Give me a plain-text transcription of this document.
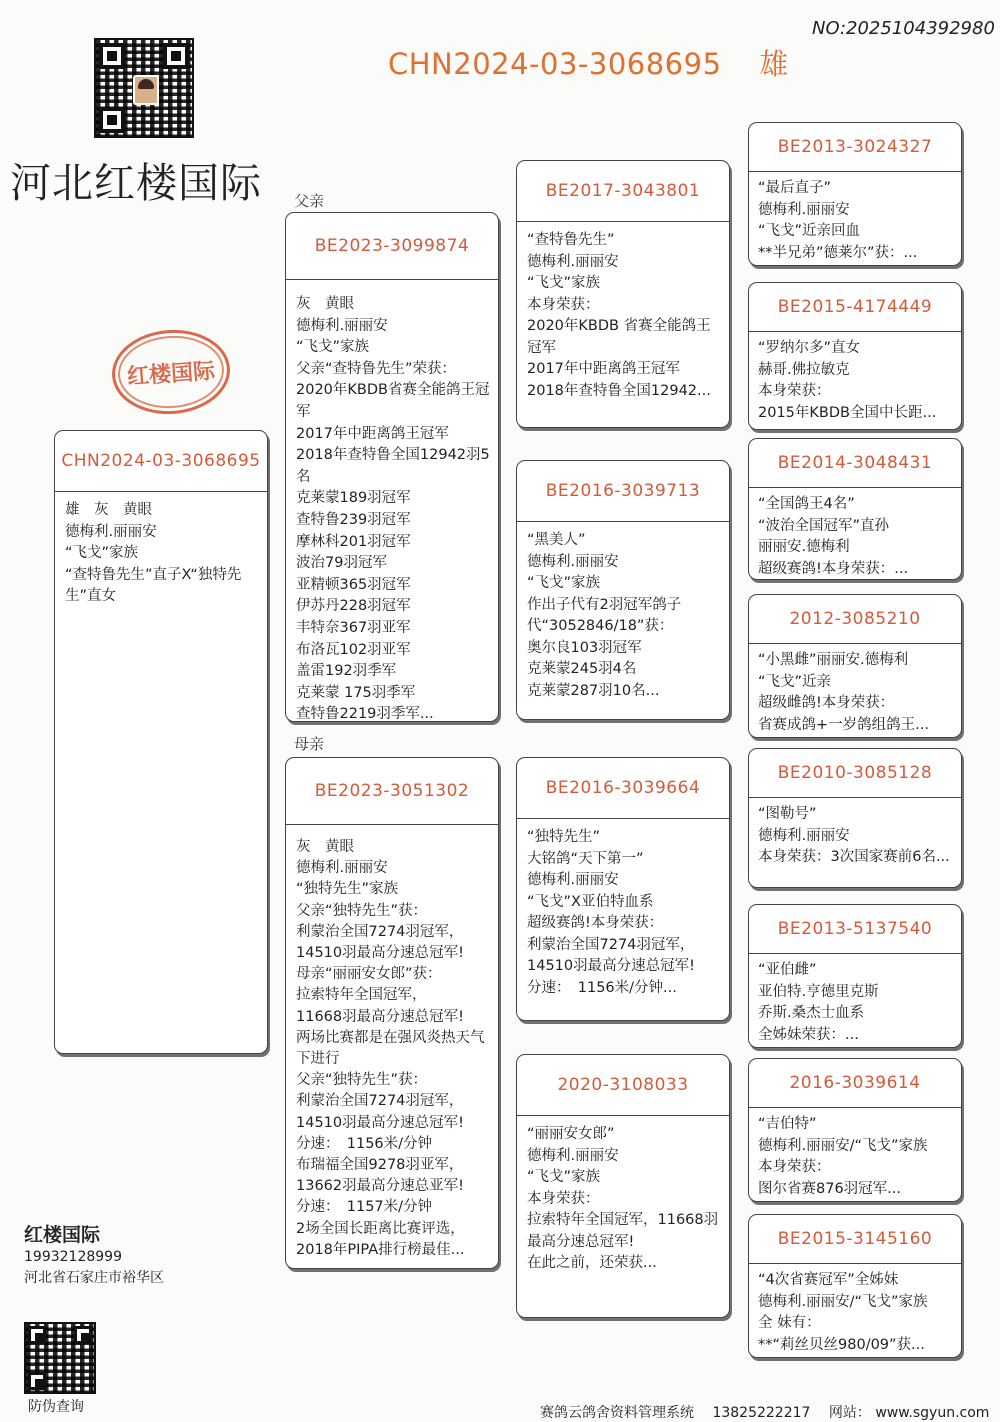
NO:2025104392980
CHN2024-03-3068695 雄
河北红楼国际
红楼国际
父亲
母亲
CHN2024-03-3068695
雄　灰　黄眼
德梅利.丽丽安
“飞戈”家族
“查特鲁先生”直子X“独特先生”直女
BE2023-3099874
灰　黄眼
德梅利.丽丽安
“飞戈”家族
父亲“查特鲁先生”荣获：
2020年KBDB省赛全能鸽王冠军
2017年中距离鸽王冠军
2018年查特鲁全国12942羽5名
克莱蒙189羽冠军
查特鲁239羽冠军
摩林科201羽冠军
波治79羽冠军
亚精顿365羽冠军
伊苏丹228羽冠军
丰特奈367羽亚军
布洛瓦102羽亚军
盖雷192羽季军
克莱蒙 175羽季军
查特鲁2219羽季军...
BE2023-3051302
灰　黄眼
德梅利.丽丽安
“独特先生”家族
父亲“独特先生”获：
利蒙治全国7274羽冠军，
14510羽最高分速总冠军!
母亲“丽丽安女郎”获：
拉索特年全国冠军，
11668羽最高分速总冠军!
两场比赛都是在强风炎热天气下进行
父亲“独特先生”获：
利蒙治全国7274羽冠军，
14510羽最高分速总冠军!
分速：　1156米/分钟
布瑞福全国9278羽亚军，
13662羽最高分速总亚军!
分速：　1157米/分钟
2场全国长距离比赛评选，
2018年PIPA排行榜最佳...
BE2017-3043801
“查特鲁先生”
德梅利.丽丽安
“飞戈”家族
本身荣获：
2020年KBDB 省赛全能鸽王冠军
2017年中距离鸽王冠军
2018年查特鲁全国12942...
BE2016-3039713
“黑美人”
德梅利.丽丽安
“飞戈”家族
作出子代有2羽冠军鸽子代“3052846/18”获：
奥尔良103羽冠军
克莱蒙245羽4名
克莱蒙287羽10名...
BE2016-3039664
“独特先生”
大铭鸽“天下第一”
德梅利.丽丽安
“飞戈”X亚伯特血系
超级赛鸽!本身荣获：
利蒙治全国7274羽冠军，
14510羽最高分速总冠军!
分速：　1156米/分钟...
2020-3108033
“丽丽安女郎”
德梅利.丽丽安
“飞戈”家族
本身荣获：
拉索特年全国冠军，11668羽
最高分速总冠军!
在此之前，还荣获...
BE2013-3024327
“最后直子”
德梅利.丽丽安
“飞戈”近亲回血
**半兄弟”德莱尔”获：...
BE2015-4174449
“罗纳尔多”直女
赫哥.佛拉敏克
本身荣获：
2015年KBDB全国中长距...
BE2014-3048431
“全国鸽王4名”
“波治全国冠军”直孙
丽丽安.德梅利
超级赛鸽!本身荣获：...
2012-3085210
“小黑雌”丽丽安.德梅利
“飞戈”近亲
超级雌鸽!本身荣获：
省赛成鸽+一岁鸽组鸽王...
BE2010-3085128
“图勒号”
德梅利.丽丽安
本身荣获：3次国家赛前6名...
BE2013-5137540
“亚伯雌”
亚伯特.亨德里克斯
乔斯.桑杰士血系
全姊妹荣获：...
2016-3039614
“吉伯特”
德梅利.丽丽安/“飞戈”家族
本身荣获：
图尔省赛876羽冠军...
BE2015-3145160
“4次省赛冠军”全姊妹
德梅利.丽丽安/“飞戈”家族
全 妹有：
**“莉丝贝丝980/09”获...
红楼国际
19932128999
河北省石家庄市裕华区
防伪查询	赛鸽云鸽舍资料管理系统 13825222217 网站： www.sgyun.com
